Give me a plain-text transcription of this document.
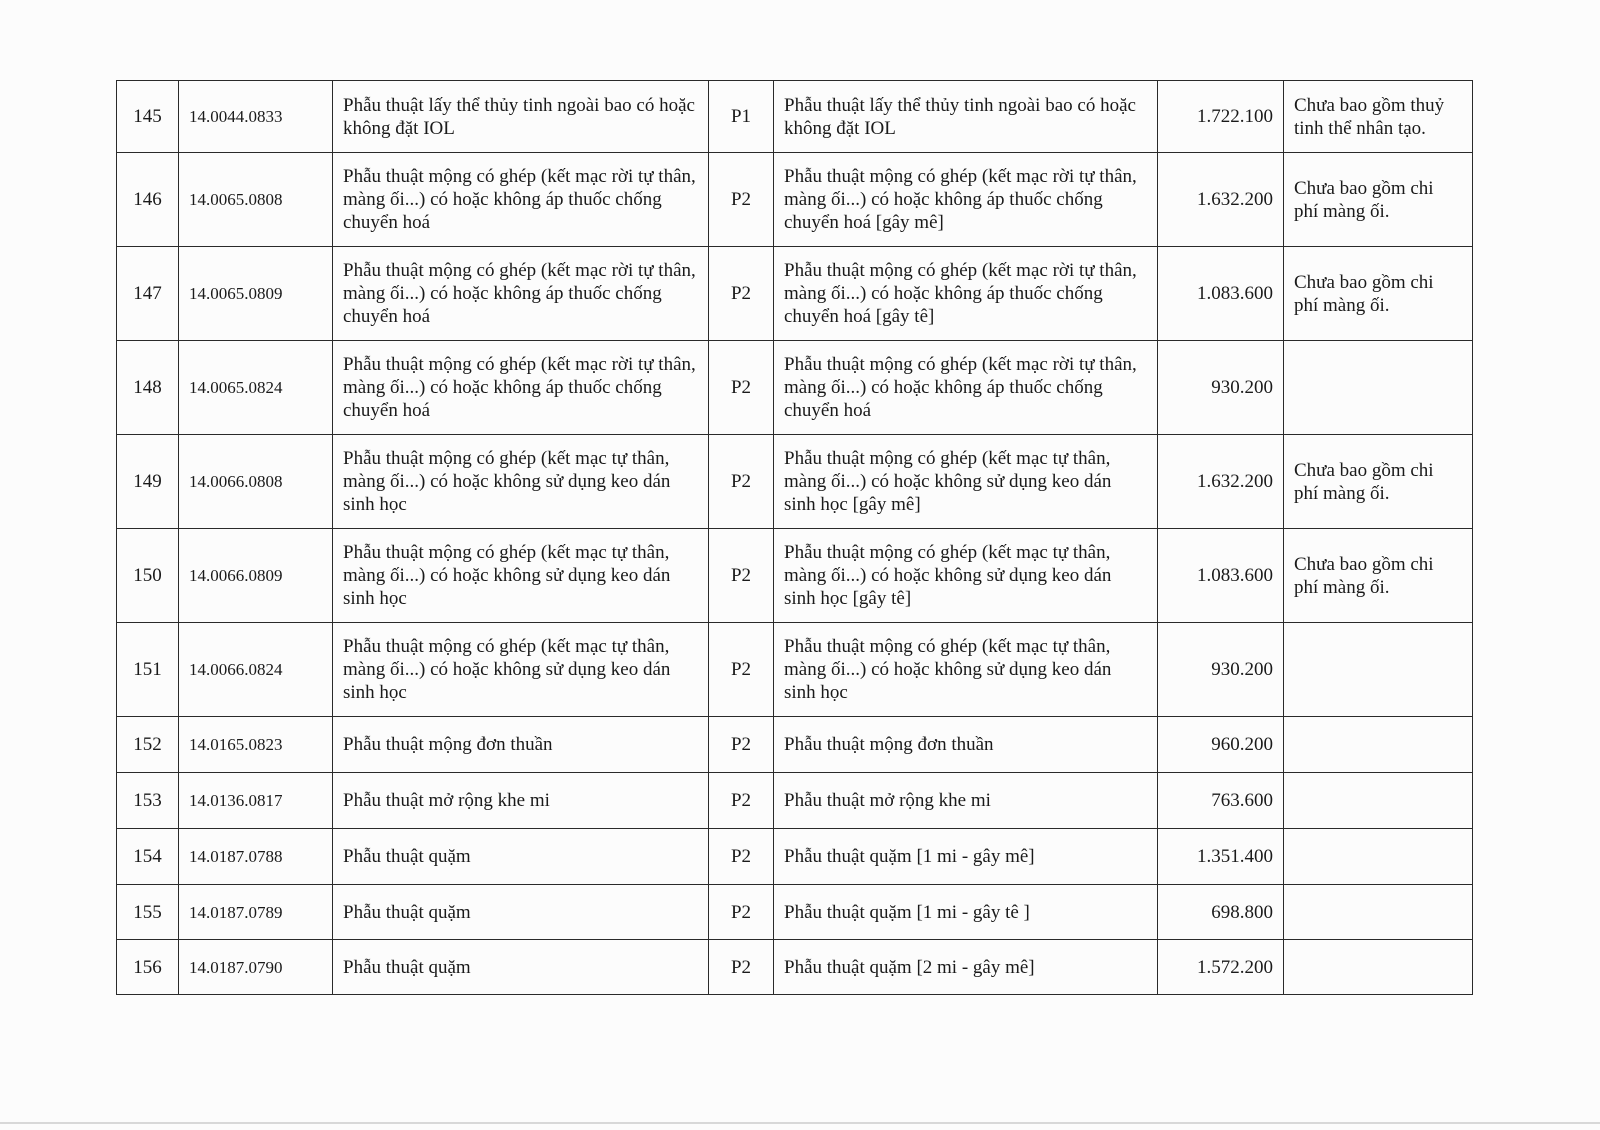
145	14.0044.0833	Phẫu thuật lấy thể thủy tinh ngoài bao có hoặc không đặt IOL	P1	Phẫu thuật lấy thể thủy tinh ngoài bao có hoặc không đặt IOL	1.722.100	Chưa bao gồm thuỷ tinh thể nhân tạo.
146	14.0065.0808	Phẫu thuật mộng có ghép (kết mạc rời tự thân, màng ối...) có hoặc không áp thuốc chống chuyển hoá	P2	Phẫu thuật mộng có ghép (kết mạc rời tự thân, màng ối...) có hoặc không áp thuốc chống chuyển hoá [gây mê]	1.632.200	Chưa bao gồm chi phí màng ối.
147	14.0065.0809	Phẫu thuật mộng có ghép (kết mạc rời tự thân, màng ối...) có hoặc không áp thuốc chống chuyển hoá	P2	Phẫu thuật mộng có ghép (kết mạc rời tự thân, màng ối...) có hoặc không áp thuốc chống chuyển hoá [gây tê]	1.083.600	Chưa bao gồm chi phí màng ối.
148	14.0065.0824	Phẫu thuật mộng có ghép (kết mạc rời tự thân, màng ối...) có hoặc không áp thuốc chống chuyển hoá	P2	Phẫu thuật mộng có ghép (kết mạc rời tự thân, màng ối...) có hoặc không áp thuốc chống chuyển hoá	930.200	
149	14.0066.0808	Phẫu thuật mộng có ghép (kết mạc tự thân, màng ối...) có hoặc không sử dụng keo dán sinh học	P2	Phẫu thuật mộng có ghép (kết mạc tự thân, màng ối...) có hoặc không sử dụng keo dán sinh học [gây mê]	1.632.200	Chưa bao gồm chi phí màng ối.
150	14.0066.0809	Phẫu thuật mộng có ghép (kết mạc tự thân, màng ối...) có hoặc không sử dụng keo dán sinh học	P2	Phẫu thuật mộng có ghép (kết mạc tự thân, màng ối...) có hoặc không sử dụng keo dán sinh học [gây tê]	1.083.600	Chưa bao gồm chi phí màng ối.
151	14.0066.0824	Phẫu thuật mộng có ghép (kết mạc tự thân, màng ối...) có hoặc không sử dụng keo dán sinh học	P2	Phẫu thuật mộng có ghép (kết mạc tự thân, màng ối...) có hoặc không sử dụng keo dán sinh học	930.200	
152	14.0165.0823	Phẫu thuật mộng đơn thuần	P2	Phẫu thuật mộng đơn thuần	960.200	
153	14.0136.0817	Phẫu thuật mở rộng khe mi	P2	Phẫu thuật mở rộng khe mi	763.600	
154	14.0187.0788	Phẫu thuật quặm	P2	Phẫu thuật quặm [1 mi - gây mê]	1.351.400	
155	14.0187.0789	Phẫu thuật quặm	P2	Phẫu thuật quặm [1 mi - gây tê ]	698.800	
156	14.0187.0790	Phẫu thuật quặm	P2	Phẫu thuật quặm [2 mi - gây mê]	1.572.200	
